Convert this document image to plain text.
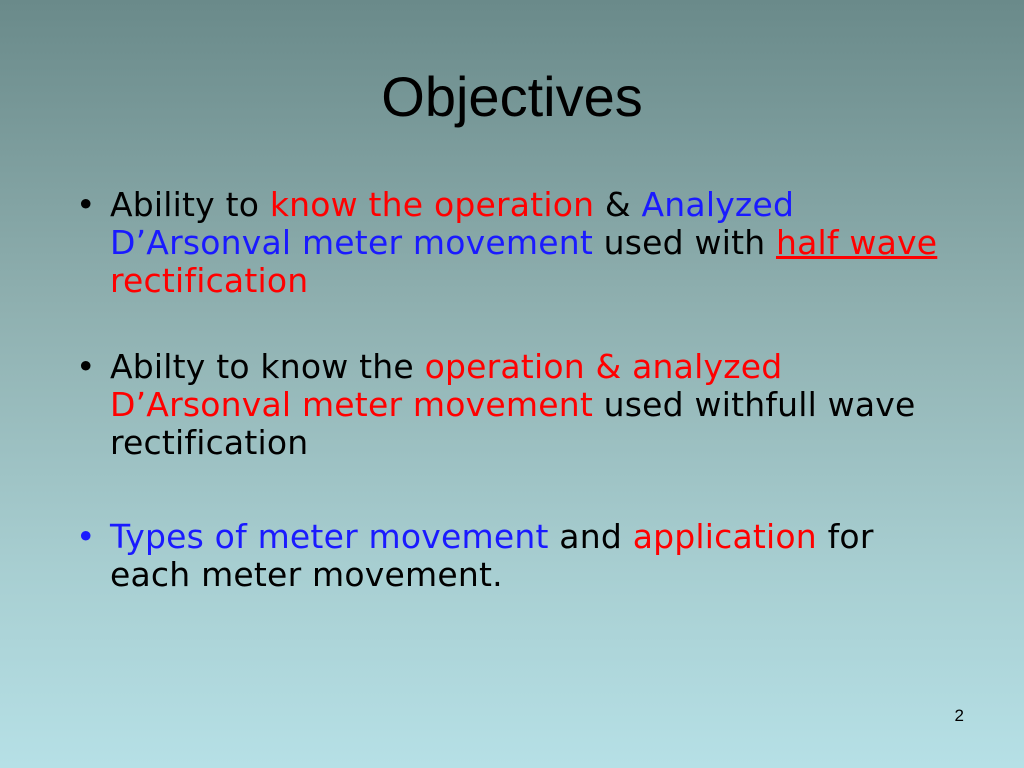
Objectives
• Ability to know the operation & Analyzed D’Arsonval meter movement used with half wave rectification
• Abilty to know the operation & analyzed D’Arsonval meter movement used withfull wave rectification
• Types of meter movement and application for each meter movement.
2
